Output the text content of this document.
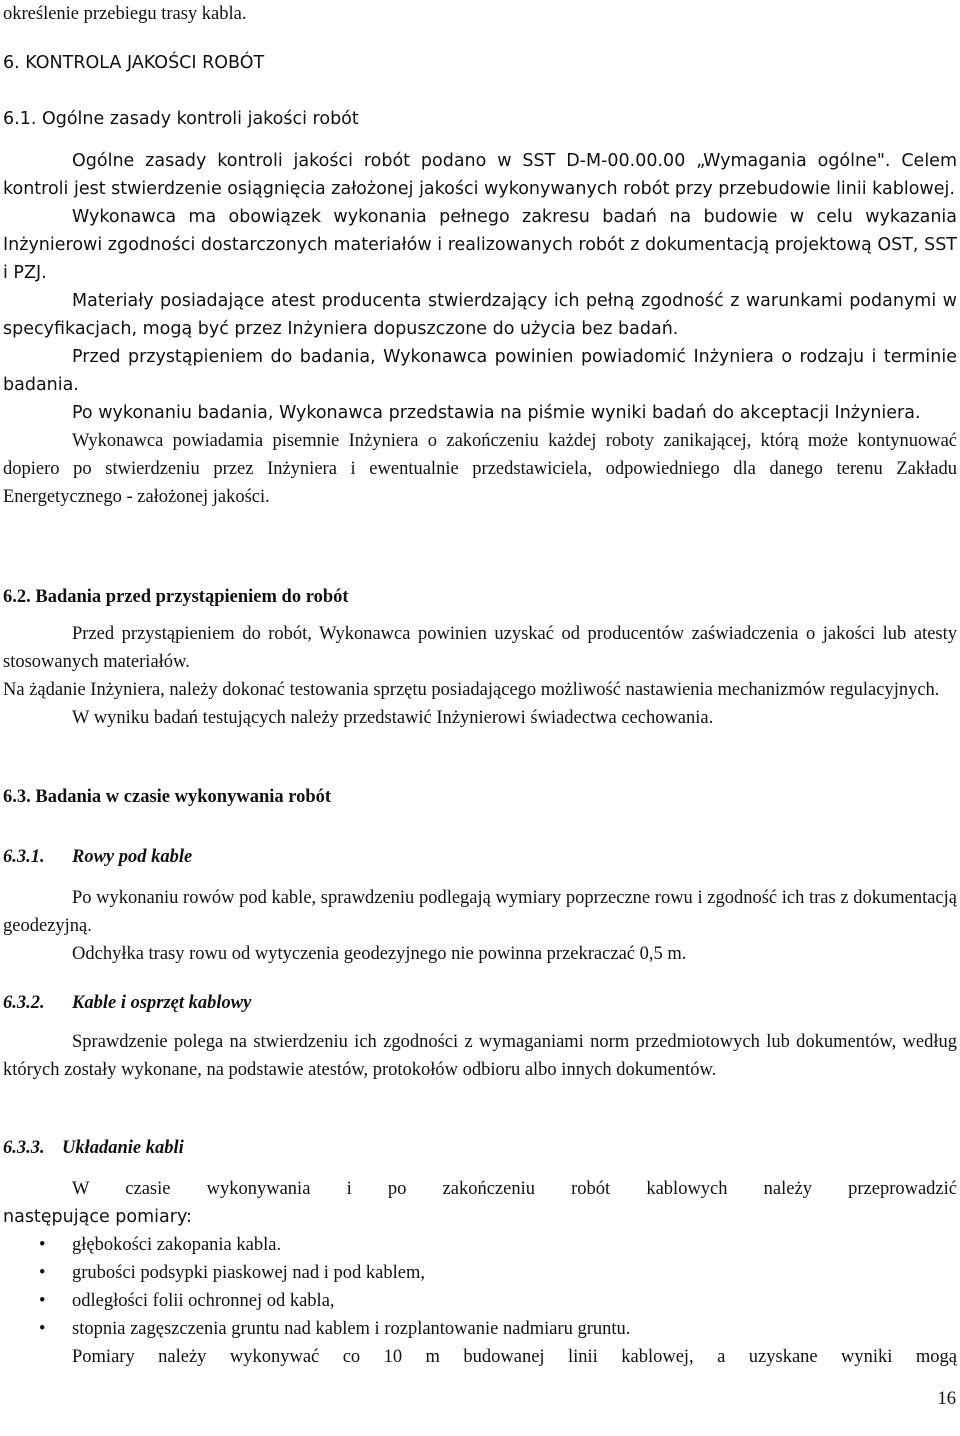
określenie przebiegu trasy kabla.

6. KONTROLA JAKOŚCI ROBÓT

6.1. Ogólne zasady kontroli jakości robót

Ogólne zasady kontroli jakości robót podano w SST D-M-00.00.00 „Wymagania ogólne". Celem kontroli jest stwierdzenie osiągnięcia założonej jakości wykonywanych robót przy przebudowie linii kablowej.

Wykonawca ma obowiązek wykonania pełnego zakresu badań na budowie w celu wykazania Inżynierowi zgodności dostarczonych materiałów i realizowanych robót z dokumentacją projektową OST, SST i PZJ.

Materiały posiadające atest producenta stwierdzający ich pełną zgodność z warunkami podanymi w specyfikacjach, mogą być przez Inżyniera dopuszczone do użycia bez badań.

Przed przystąpieniem do badania, Wykonawca powinien powiadomić Inżyniera o rodzaju i terminie badania.

Po wykonaniu badania, Wykonawca przedstawia na piśmie wyniki badań do akceptacji Inżyniera.

Wykonawca powiadamia pisemnie Inżyniera o zakończeniu każdej roboty zanikającej, którą może kontynuować dopiero po stwierdzeniu przez Inżyniera i ewentualnie przedstawiciela, odpowiedniego dla danego terenu Zakładu Energetycznego - założonej jakości.

6.2. Badania przed przystąpieniem do robót

Przed przystąpieniem do robót, Wykonawca powinien uzyskać od producentów zaświadczenia o jakości lub atesty stosowanych materiałów.

Na żądanie Inżyniera, należy dokonać testowania sprzętu posiadającego możliwość nastawienia mechanizmów regulacyjnych.

W wyniku badań testujących należy przedstawić Inżynierowi świadectwa cechowania.

6.3. Badania w czasie wykonywania robót

6.3.1. Rowy pod kable

Po wykonaniu rowów pod kable, sprawdzeniu podlegają wymiary poprzeczne rowu i zgodność ich tras z dokumentacją geodezyjną.

Odchyłka trasy rowu od wytyczenia geodezyjnego nie powinna przekraczać 0,5 m.

6.3.2. Kable i osprzęt kablowy

Sprawdzenie polega na stwierdzeniu ich zgodności z wymaganiami norm przedmiotowych lub dokumentów, według których zostały wykonane, na podstawie atestów, protokołów odbioru albo innych dokumentów.

6.3.3. Układanie kabli

W czasie wykonywania i po zakończeniu robót kablowych należy przeprowadzić

następujące pomiary:

• głębokości zakopania kabla.
• grubości podsypki piaskowej nad i pod kablem,
• odległości folii ochronnej od kabla,
• stopnia zagęszczenia gruntu nad kablem i rozplantowanie nadmiaru gruntu.

Pomiary należy wykonywać co 10 m budowanej linii kablowej, a uzyskane wyniki mogą

16
